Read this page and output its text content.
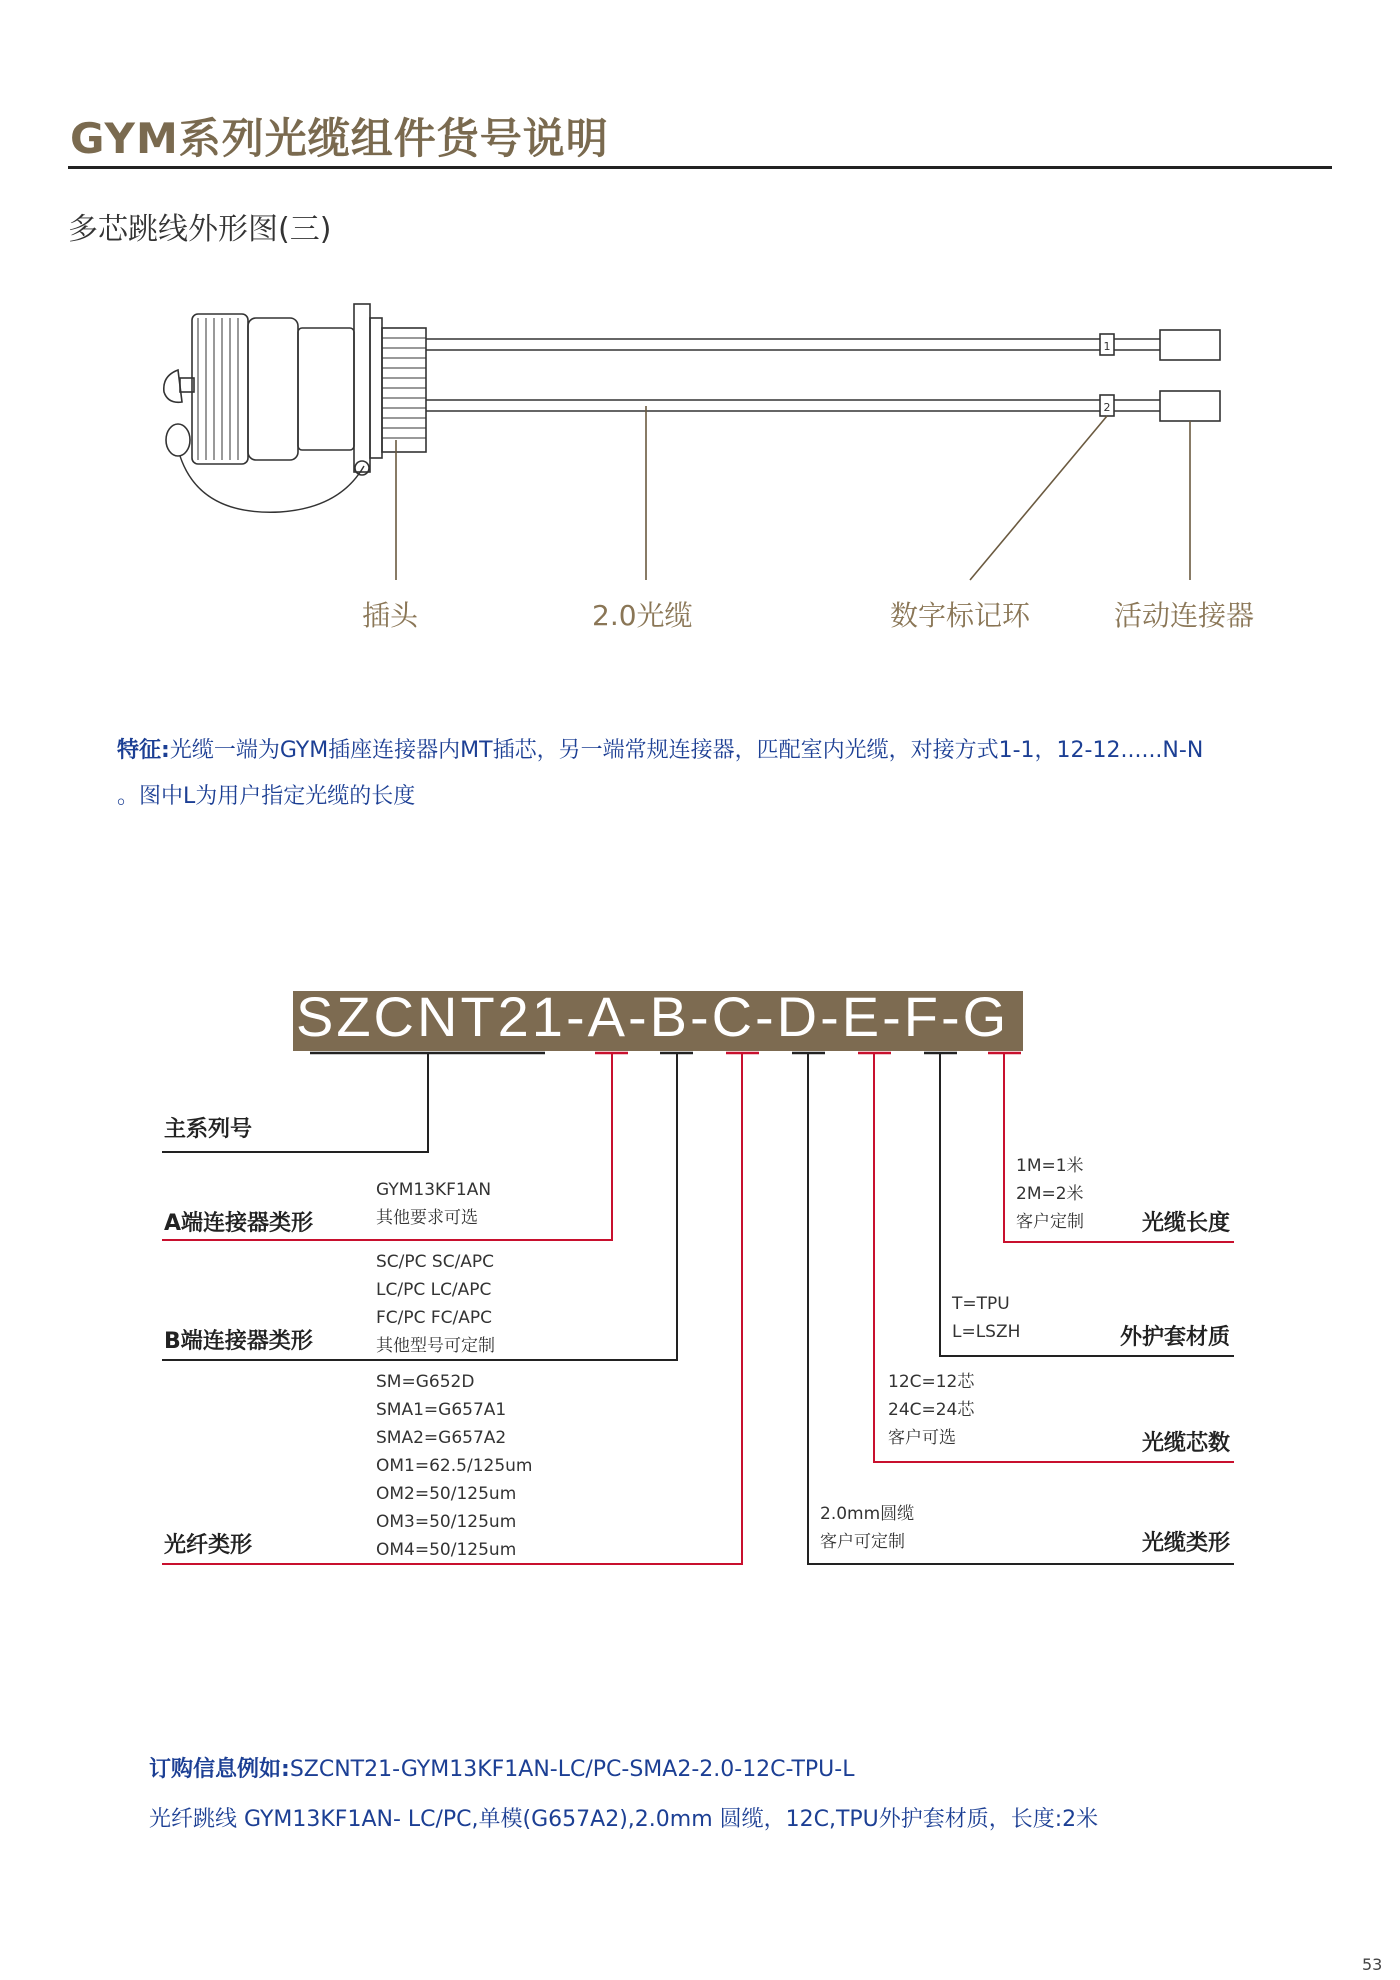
GYM系列光缆组件货号说明
多芯跳线外形图(三)
1
2
插头	2.0光缆	数字标记环	活动连接器
特征:光缆一端为GYM插座连接器内MT插芯，另一端常规连接器，匹配室内光缆，对接方式1-1，12-12......N-N
。图中L为用户指定光缆的长度
SZCNT21-A-B-C-D-E-F-G
主系列号
A端连接器类形
GYM13KF1AN
其他要求可选
B端连接器类形
SC/PC SC/APC
LC/PC LC/APC
FC/PC FC/APC
其他型号可定制
光纤类形
SM=G652D
SMA1=G657A1
SMA2=G657A2
OM1=62.5/125um
OM2=50/125um
OM3=50/125um
OM4=50/125um
1M=1米
2M=2米
客户定制	光缆长度
T=TPU
L=LSZH	外护套材质
12C=12芯
24C=24芯
客户可选	光缆芯数
2.0mm圆缆
客户可定制	光缆类形
订购信息例如:SZCNT21-GYM13KF1AN-LC/PC-SMA2-2.0-12C-TPU-L
光纤跳线 GYM13KF1AN- LC/PC,单模(G657A2),2.0mm 圆缆，12C,TPU外护套材质，长度:2米
53
